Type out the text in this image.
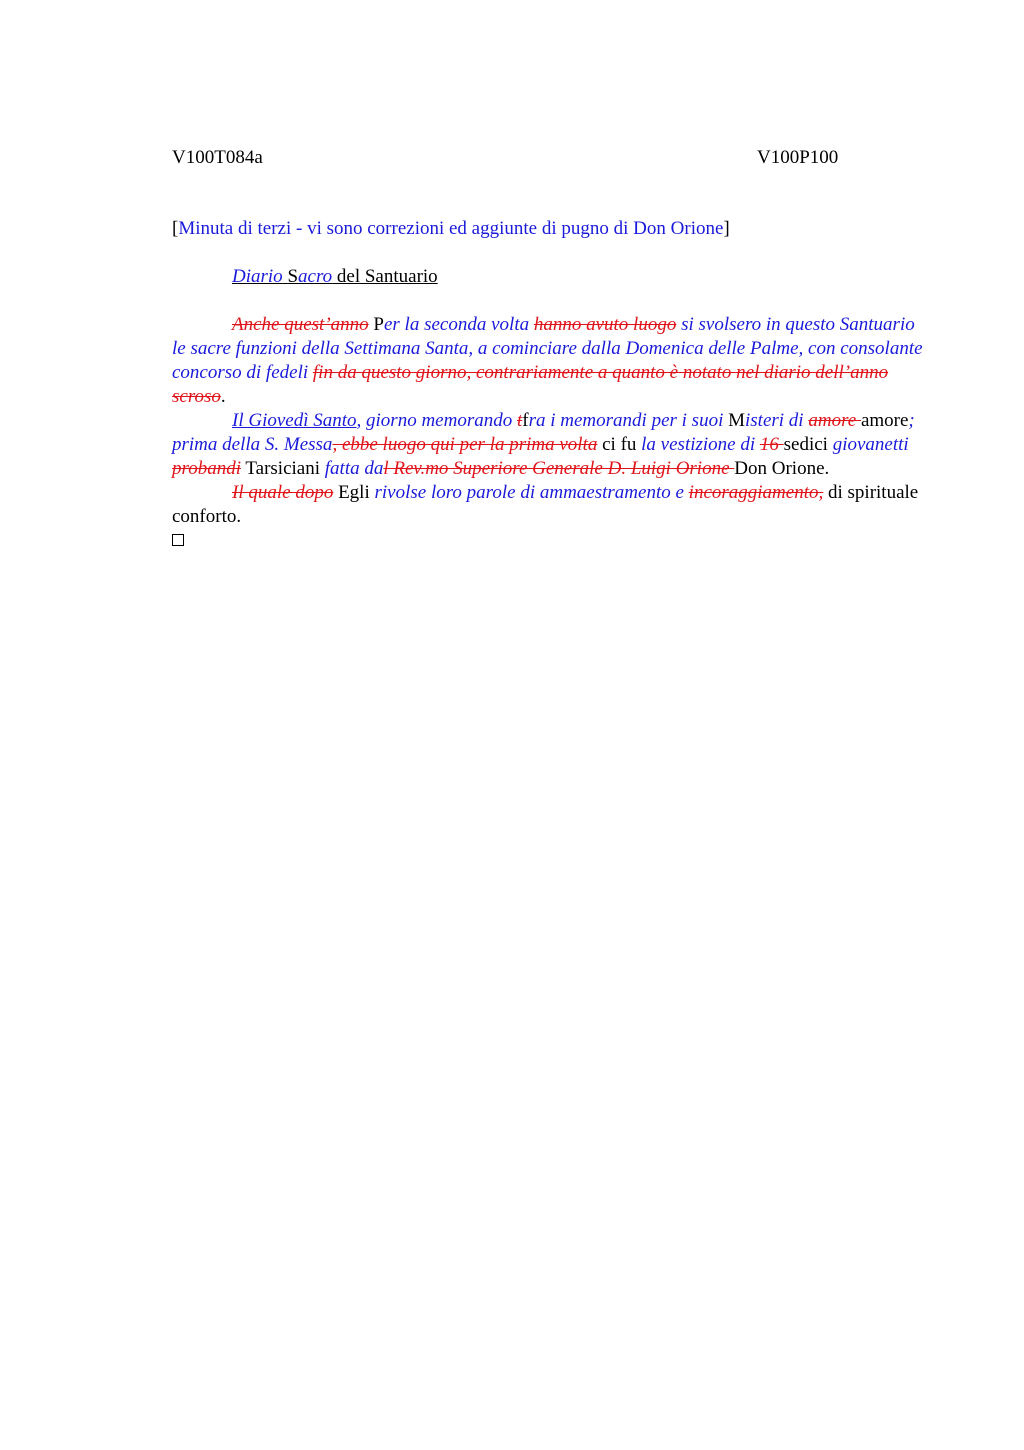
V100T084a	V100P100
[Minuta di terzi - vi sono correzioni ed aggiunte di pugno di Don Orione]
Diario Sacro del Santuario

Anche quest’anno Per la seconda volta hanno avuto luogo si svolsero in questo Santuario le sacre funzioni della Settimana Santa, a cominciare dalla Domenica delle Palme, con consolante concorso di fedeli fin da questo giorno, contrariamente a quanto è notato nel diario dell’anno scroso.

Il Giovedì Santo, giorno memorando tfra i memorandi per i suoi Misteri di amore amore; prima della S. Messa, ebbe luogo qui per la prima volta ci fu la vestizione di 16 sedici giovanetti probandi Tarsiciani fatta dal Rev.mo Superiore Generale D. Luigi Orione Don Orione.

Il quale dopo Egli rivolse loro parole di ammaestramento e incoraggiamento, di spirituale conforto.
